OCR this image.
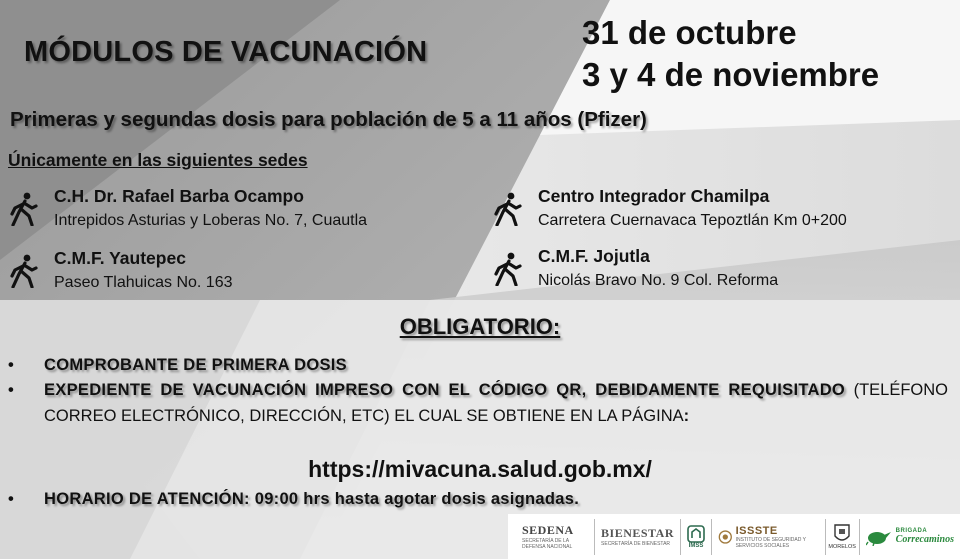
MÓDULOS DE VACUNACIÓN
31 de octubre
3 y 4 de noviembre
Primeras y segundas dosis para población de 5 a 11 años (Pfizer)
Únicamente en las siguientes sedes
C.H. Dr. Rafael Barba Ocampo
Intrepidos Asturias y Loberas No. 7, Cuautla
C.M.F. Yautepec
Paseo Tlahuicas No. 163
Centro Integrador Chamilpa
Carretera Cuernavaca Tepoztlán Km 0+200
C.M.F. Jojutla
Nicolás Bravo No. 9 Col. Reforma
OBLIGATORIO:
• COMPROBANTE DE PRIMERA DOSIS
• EXPEDIENTE DE VACUNACIÓN IMPRESO CON EL CÓDIGO QR, DEBIDAMENTE REQUISITADO (TELÉFONO CORREO ELECTRÓNICO, DIRECCIÓN, ETC) EL CUAL SE OBTIENE EN LA PÁGINA:
https://mivacuna.salud.gob.mx/
• HORARIO DE ATENCIÓN: 09:00 hrs hasta agotar dosis asignadas.
SEDENA
SECRETARÍA DE LA DEFENSA NACIONAL
BIENESTAR
SECRETARÍA DE BIENESTAR	IMSS
ISSSTE
INSTITUTO DE SEGURIDAD Y SERVICIOS SOCIALES	MORELOS
BRIGADA
Correcaminos
